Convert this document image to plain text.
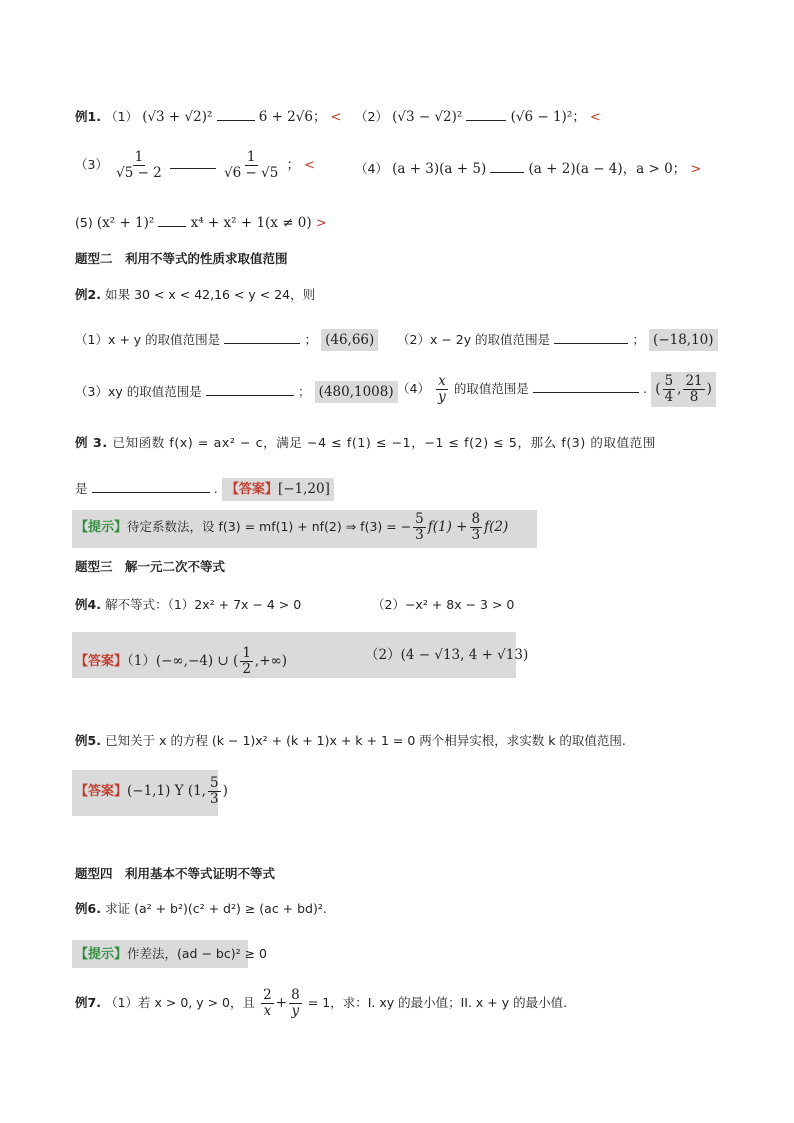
例1. （1） (√3 + √2)²	6 + 2√6； < （2） (√3 − √2)²	(√6 − 1)²； <
$(3) \frac{1}{√5 - 2}$
	$\frac{1}{√6 - √5}$ ； <	（4） (a + 3)(a + 5)	(a + 2)(a − 4)，a > 0； >
(5) (x² + 1)²	x⁴ + x² + 1(x ≠ 0) >
题型二　利用不等式的性质求取值范围
例2. 如果 30 < x < 42,16 < y < 24，则
（1）x + y 的取值范围是	； (46,66)	（2）x − 2y 的取值范围是	； (−18,10)
（3）xy 的取值范围是	； (480,1008) $(4) \frac{x}{y}$ 的取值范围是	. ( $\frac{5}{4}$ , $\frac{21}{8}$ )
例 3. 已知函数 f(x) = ax² − c，满足 −4 ≤ f(1) ≤ −1，−1 ≤ f(2) ≤ 5，那么 f(3) 的取值范围
是	. 【答案】[−1,20]
【提示】待定系数法，设 f(3) = mf(1) + nf(2) ⇒ f(3) = − $\frac{5}{3} f(1) + \frac{8}{3} f(2)$
题型三　解一元二次不等式
例4. 解不等式：（1）2x² + 7x − 4 > 0	（2）−x² + 8x − 3 > 0
【答案】（1）(−∞,−4) ∪ ( $\frac{1}{2}$ ,+∞)	（2）(4 − √13, 4 + √13)
例5. 已知关于 x 的方程 (k − 1)x² + (k + 1)x + k + 1 = 0 两个相异实根，求实数 k 的取值范围.
【答案】(−1,1) Y (1, $\frac{5}{3}$ )
题型四　利用基本不等式证明不等式
例6. 求证 (a² + b²)(c² + d²) ≥ (ac + bd)².
【提示】作差法，(ad − bc)² ≥ 0
例7. （1）若 x > 0, y > 0，且 $\frac{2}{x} + \frac{8}{y} = 1$，求：I. xy 的最小值；II. x + y 的最小值.
